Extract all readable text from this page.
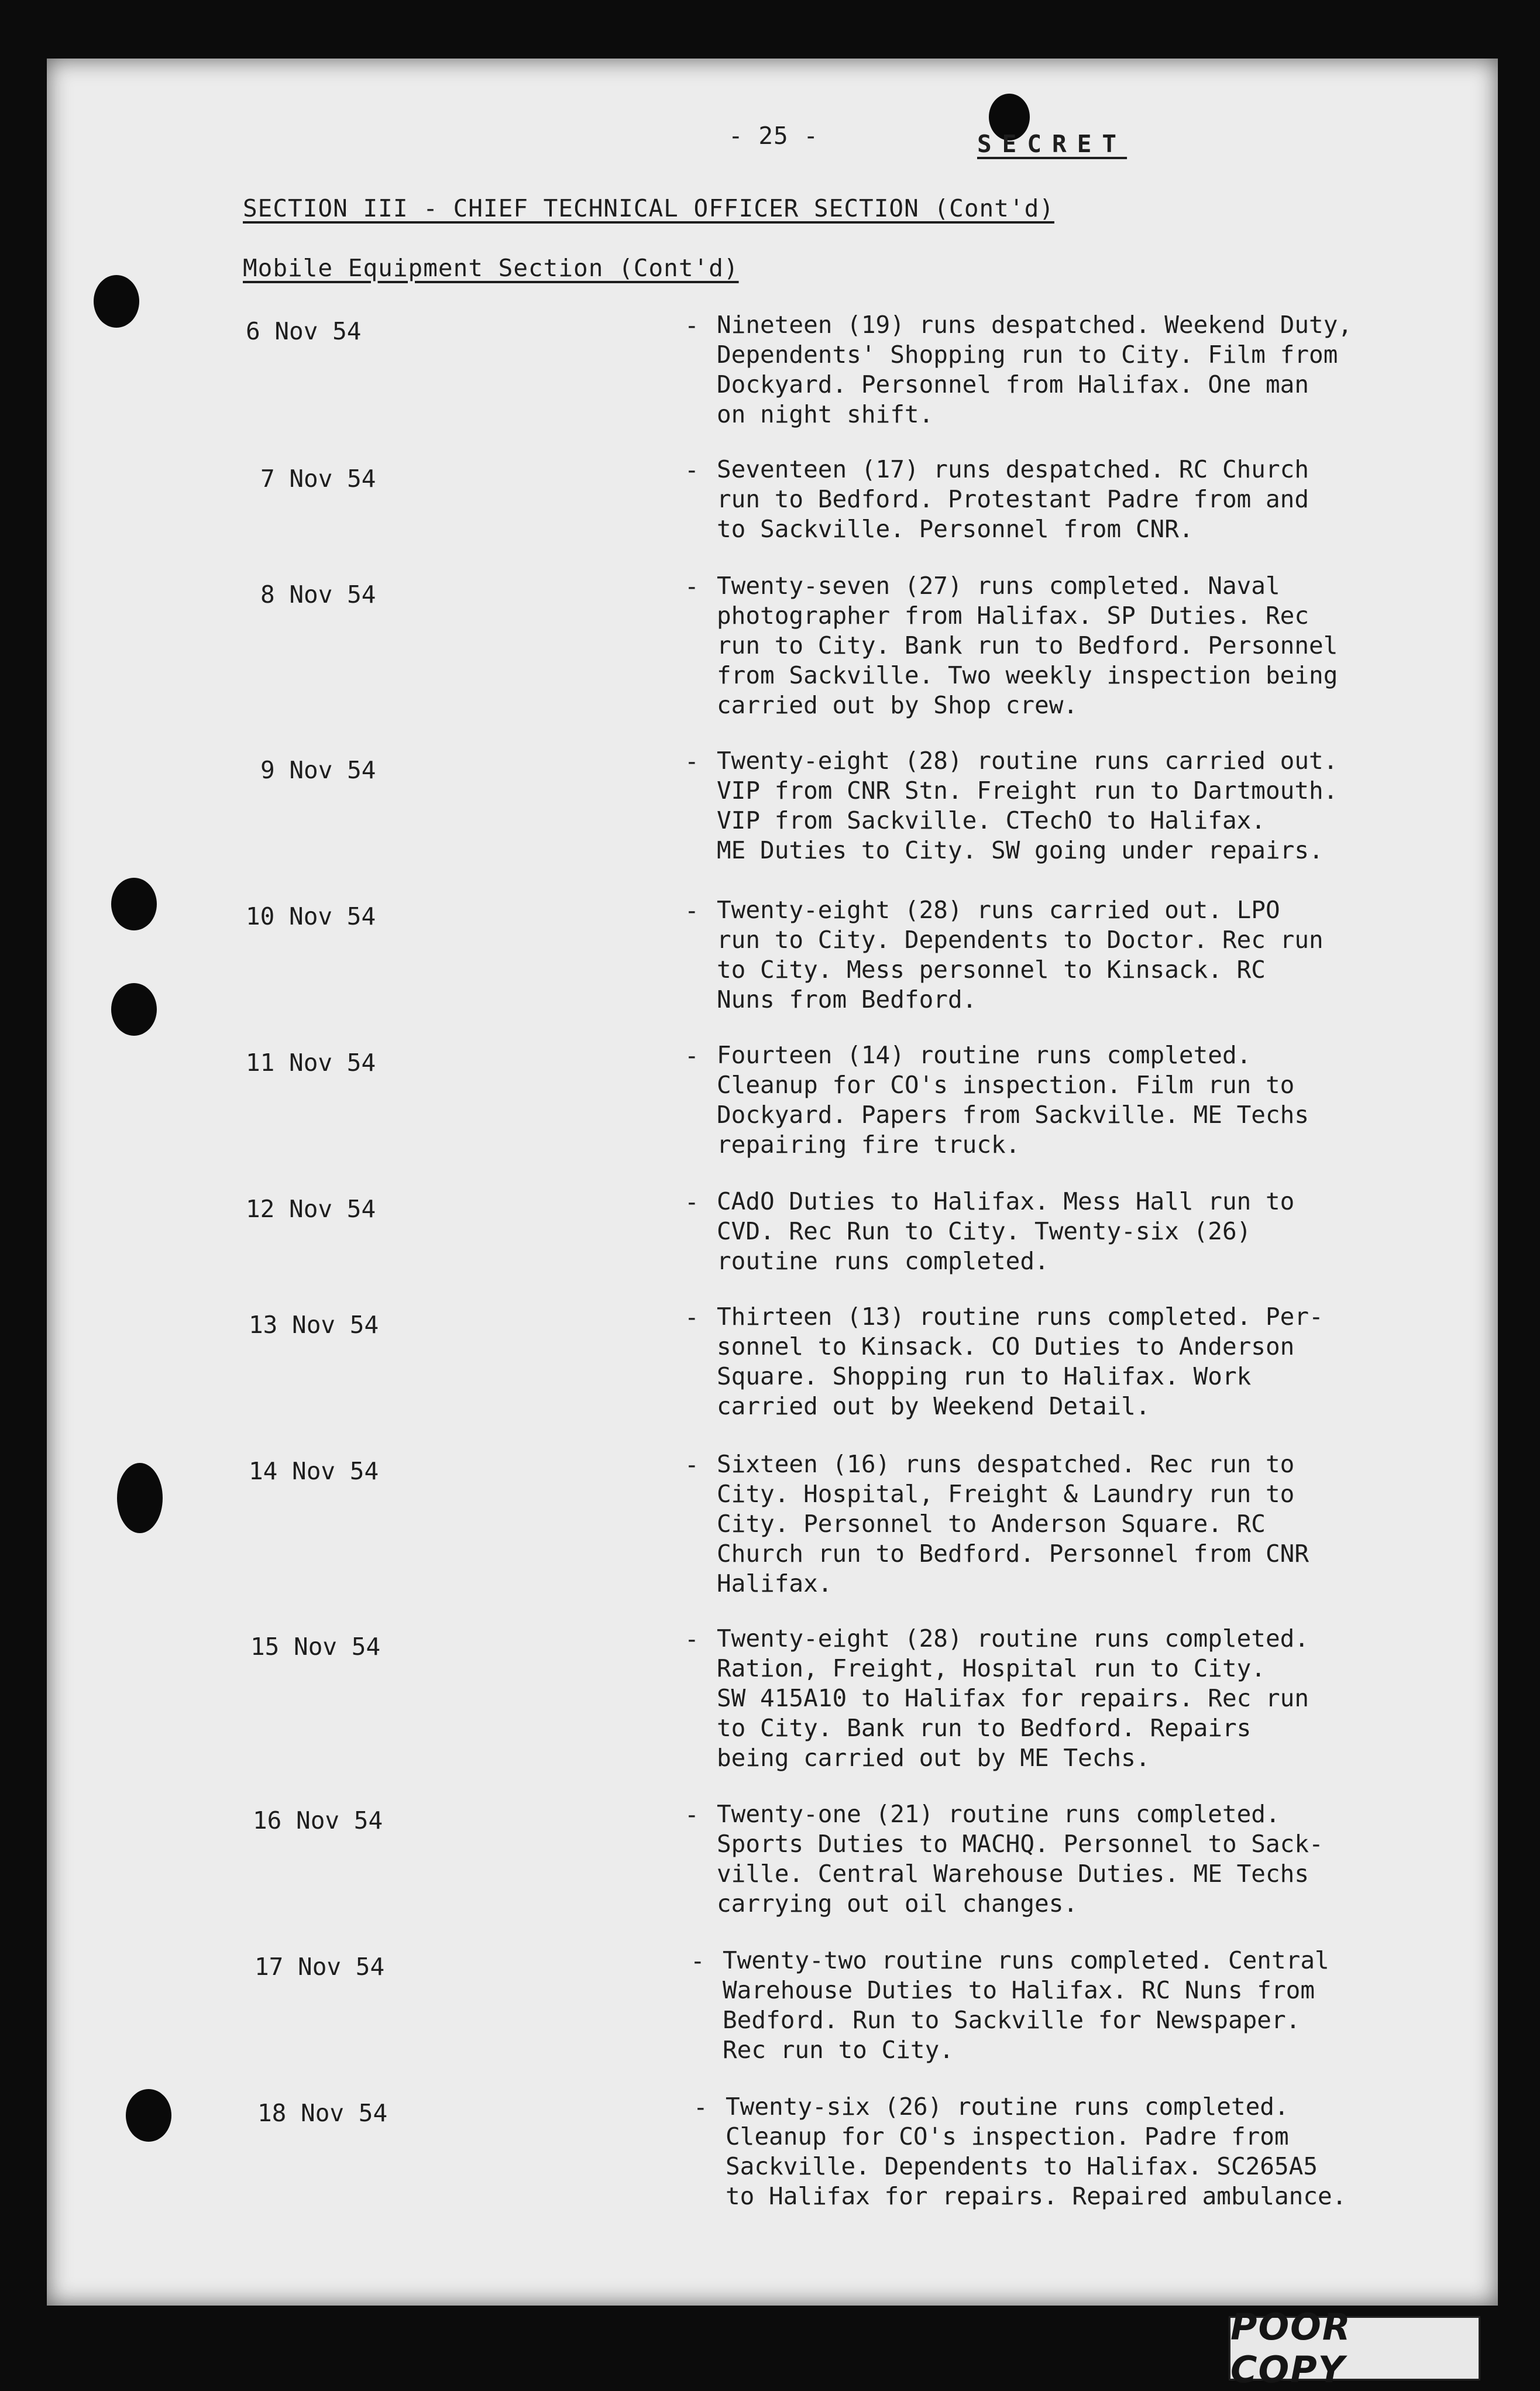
- 25 -	SECRET
SECTION III - CHIEF TECHNICAL OFFICER SECTION (Cont'd)
Mobile Equipment Section (Cont'd)
6 Nov 54	- Nineteen (19) runs despatched. Weekend Duty,
Dependents' Shopping run to City. Film from
Dockyard. Personnel from Halifax. One man
on night shift.
7 Nov 54	- Seventeen (17) runs despatched. RC Church
run to Bedford. Protestant Padre from and
to Sackville. Personnel from CNR.
8 Nov 54	- Twenty-seven (27) runs completed. Naval
photographer from Halifax. SP Duties. Rec
run to City. Bank run to Bedford. Personnel
from Sackville. Two weekly inspection being
carried out by Shop crew.
9 Nov 54	- Twenty-eight (28) routine runs carried out.
VIP from CNR Stn. Freight run to Dartmouth.
VIP from Sackville. CTechO to Halifax.
ME Duties to City. SW going under repairs.
10 Nov 54	- Twenty-eight (28) runs carried out. LPO
run to City. Dependents to Doctor. Rec run
to City. Mess personnel to Kinsack. RC
Nuns from Bedford.
11 Nov 54	- Fourteen (14) routine runs completed.
Cleanup for CO's inspection. Film run to
Dockyard. Papers from Sackville. ME Techs
repairing fire truck.
12 Nov 54	- CAdO Duties to Halifax. Mess Hall run to
CVD. Rec Run to City. Twenty-six (26)
routine runs completed.
13 Nov 54	- Thirteen (13) routine runs completed. Per-
sonnel to Kinsack. CO Duties to Anderson
Square. Shopping run to Halifax. Work
carried out by Weekend Detail.
14 Nov 54	- Sixteen (16) runs despatched. Rec run to
City. Hospital, Freight & Laundry run to
City. Personnel to Anderson Square. RC
Church run to Bedford. Personnel from CNR
Halifax.
15 Nov 54	- Twenty-eight (28) routine runs completed.
Ration, Freight, Hospital run to City.
SW 415A10 to Halifax for repairs. Rec run
to City. Bank run to Bedford. Repairs
being carried out by ME Techs.
16 Nov 54	- Twenty-one (21) routine runs completed.
Sports Duties to MACHQ. Personnel to Sack-
ville. Central Warehouse Duties. ME Techs
carrying out oil changes.
17 Nov 54	- Twenty-two routine runs completed. Central
Warehouse Duties to Halifax. RC Nuns from
Bedford. Run to Sackville for Newspaper.
Rec run to City.
18 Nov 54	- Twenty-six (26) routine runs completed.
Cleanup for CO's inspection. Padre from
Sackville. Dependents to Halifax. SC265A5
to Halifax for repairs. Repaired ambulance.
POOR COPY
